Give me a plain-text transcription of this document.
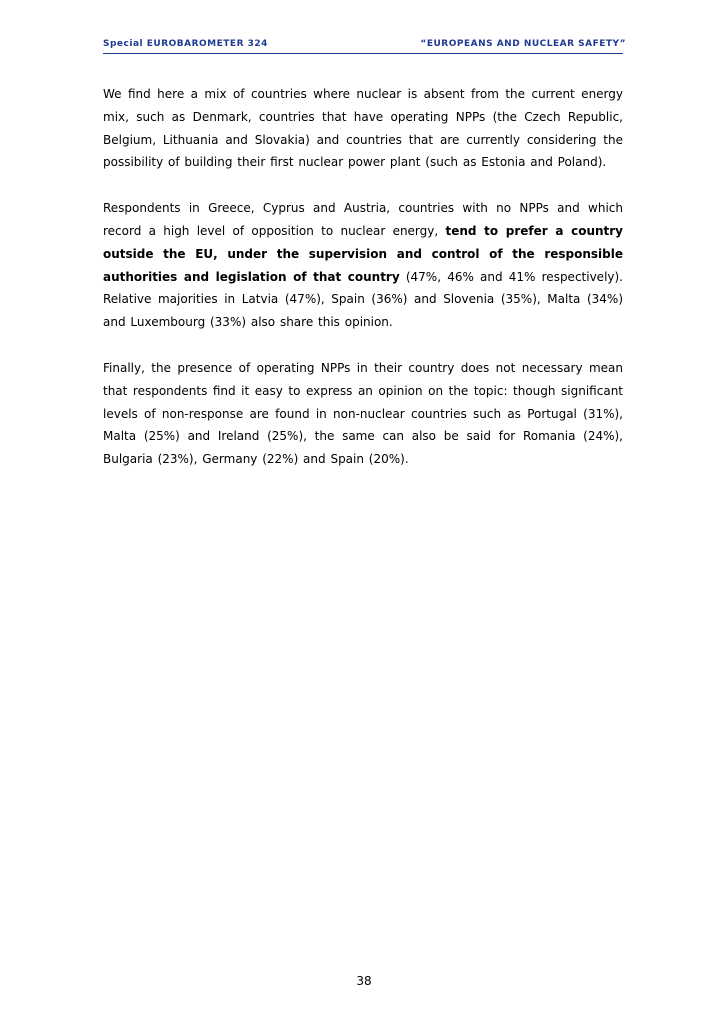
Special EUROBAROMETER 324	“EUROPEANS AND NUCLEAR SAFETY”

We find here a mix of countries where nuclear is absent from the current energy mix, such as Denmark, countries that have operating NPPs (the Czech Republic, Belgium, Lithuania and Slovakia) and countries that are currently considering the possibility of building their first nuclear power plant (such as Estonia and Poland).

Respondents in Greece, Cyprus and Austria, countries with no NPPs and which record a high level of opposition to nuclear energy, tend to prefer a country outside the EU, under the supervision and control of the responsible authorities and legislation of that country (47%, 46% and 41% respectively). Relative majorities in Latvia (47%), Spain (36%) and Slovenia (35%), Malta (34%) and Luxembourg (33%) also share this opinion.

Finally, the presence of operating NPPs in their country does not necessary mean that respondents find it easy to express an opinion on the topic: though significant levels of non-response are found in non-nuclear countries such as Portugal (31%), Malta (25%) and Ireland (25%), the same can also be said for Romania (24%), Bulgaria (23%), Germany (22%) and Spain (20%).

38
